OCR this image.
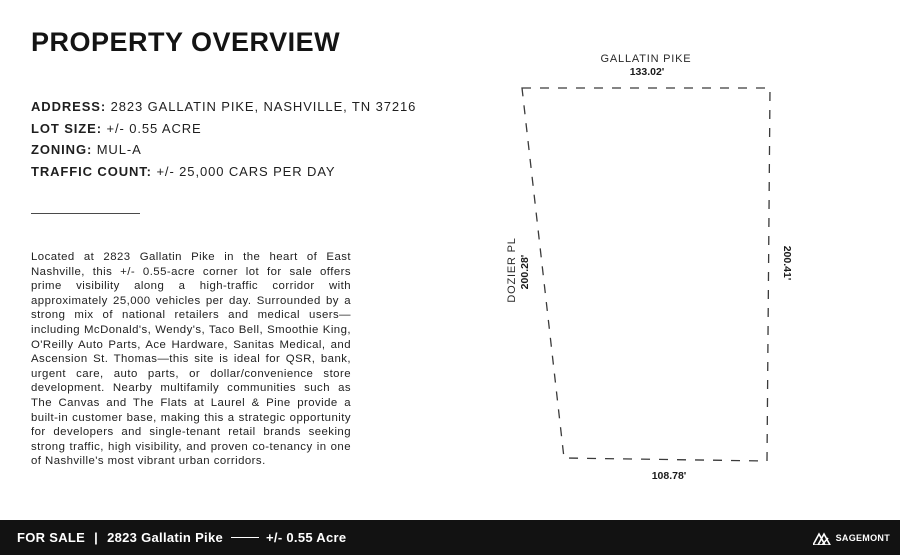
PROPERTY OVERVIEW
ADDRESS: 2823 GALLATIN PIKE, NASHVILLE, TN 37216
LOT SIZE: +/- 0.55 ACRE
ZONING: MUL-A
TRAFFIC COUNT: +/- 25,000 CARS PER DAY

Located at 2823 Gallatin Pike in the heart of East Nashville, this +/- 0.55-acre corner lot for sale offers prime visibility along a high-traffic corridor with approximately 25,000 vehicles per day. Surrounded by a strong mix of national retailers and medical users—including McDonald's, Wendy's, Taco Bell, Smoothie King, O'Reilly Auto Parts, Ace Hardware, Sanitas Medical, and Ascension St. Thomas—this site is ideal for QSR, bank, urgent care, auto parts, or dollar/convenience store development. Nearby multifamily communities such as The Canvas and The Flats at Laurel & Pine provide a built-in customer base, making this a strategic opportunity for developers and single-tenant retail brands seeking strong traffic, high visibility, and proven co-tenancy in one of Nashville's most vibrant urban corridors.

GALLATIN PIKE
133.02'
DOZIER PL 200.28'	200.41'
108.78'
FOR SALE | 2823 Gallatin Pike	+/- 0.55 Acre	SAGEMONT
